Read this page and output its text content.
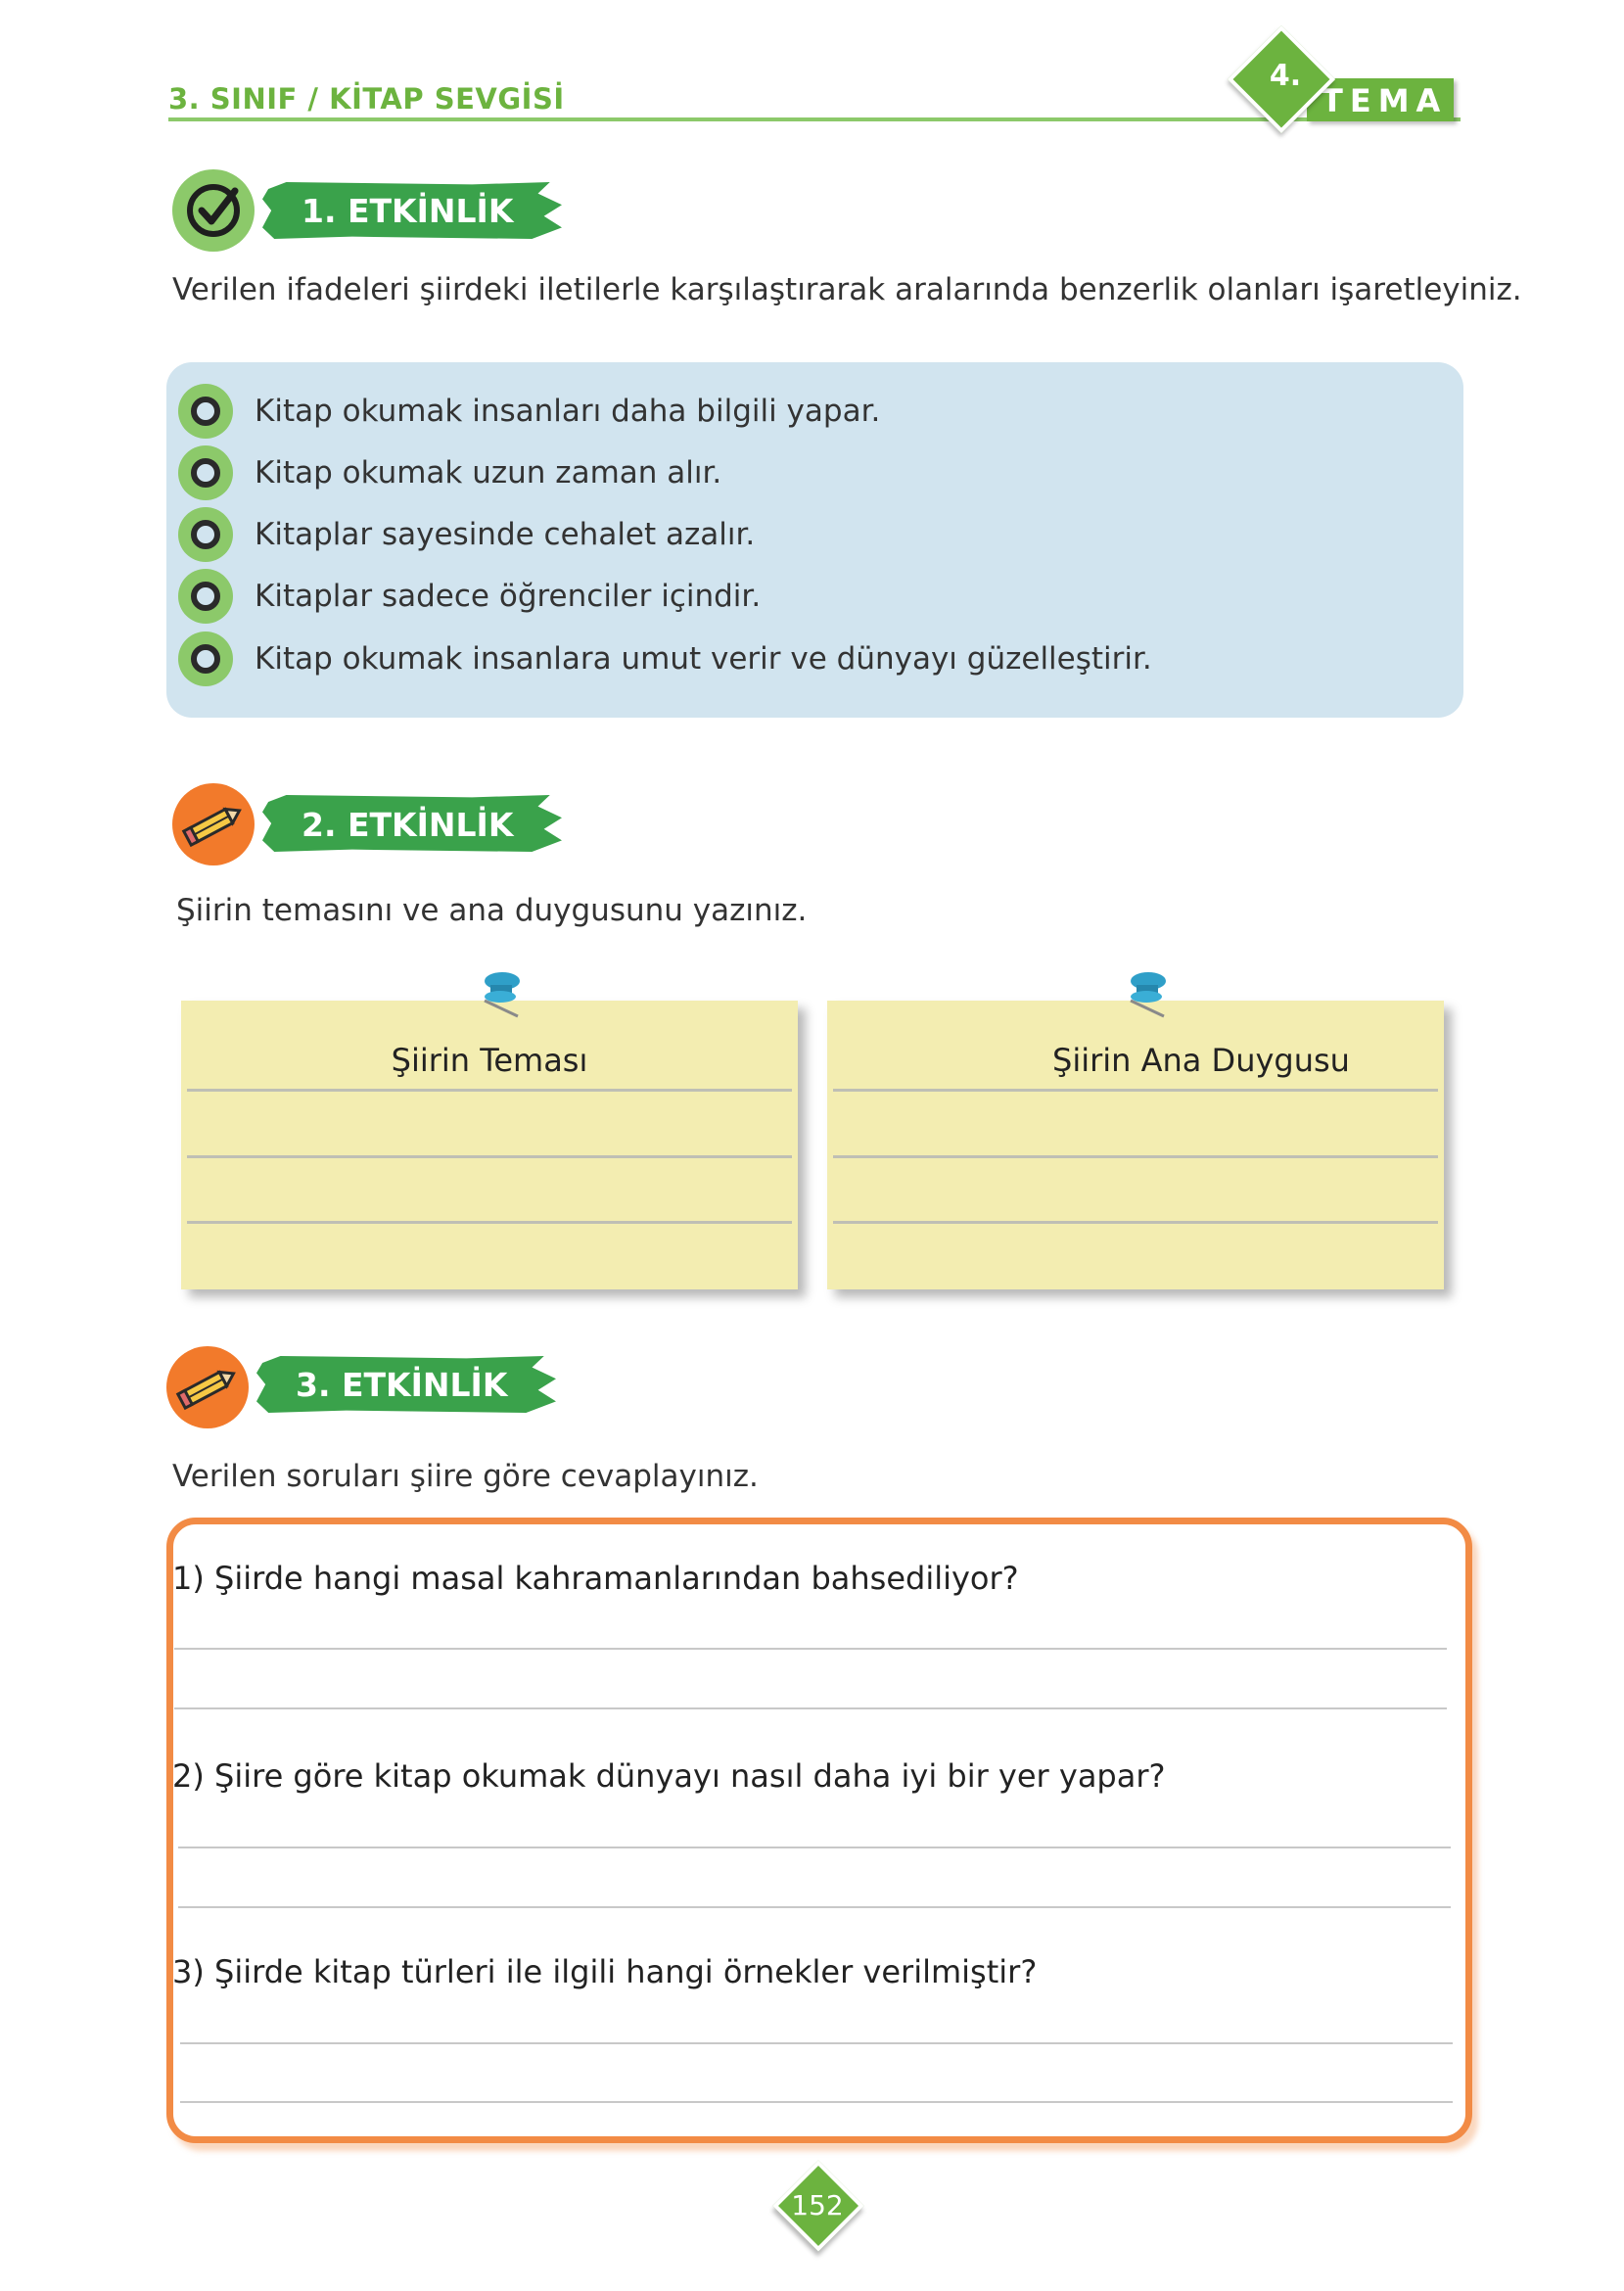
3. SINIF / KİTAP SEVGİSİ	TEMA
4.
1. ETKİNLİK
Verilen ifadeleri şiirdeki iletilerle karşılaştırarak aralarında benzerlik olanları işaretleyiniz.
Kitap okumak insanları daha bilgili yapar.
Kitap okumak uzun zaman alır.
Kitaplar sayesinde cehalet azalır.
Kitaplar sadece öğrenciler içindir.
Kitap okumak insanlara umut verir ve dünyayı güzelleştirir.
2. ETKİNLİK
Şiirin temasını ve ana duygusunu yazınız.
Şiirin Teması	Şiirin Ana Duygusu
3. ETKİNLİK
Verilen soruları şiire göre cevaplayınız.
1) Şiirde hangi masal kahramanlarından bahsediliyor?
2) Şiire göre kitap okumak dünyayı nasıl daha iyi bir yer yapar?
3) Şiirde kitap türleri ile ilgili hangi örnekler verilmiştir?
152
